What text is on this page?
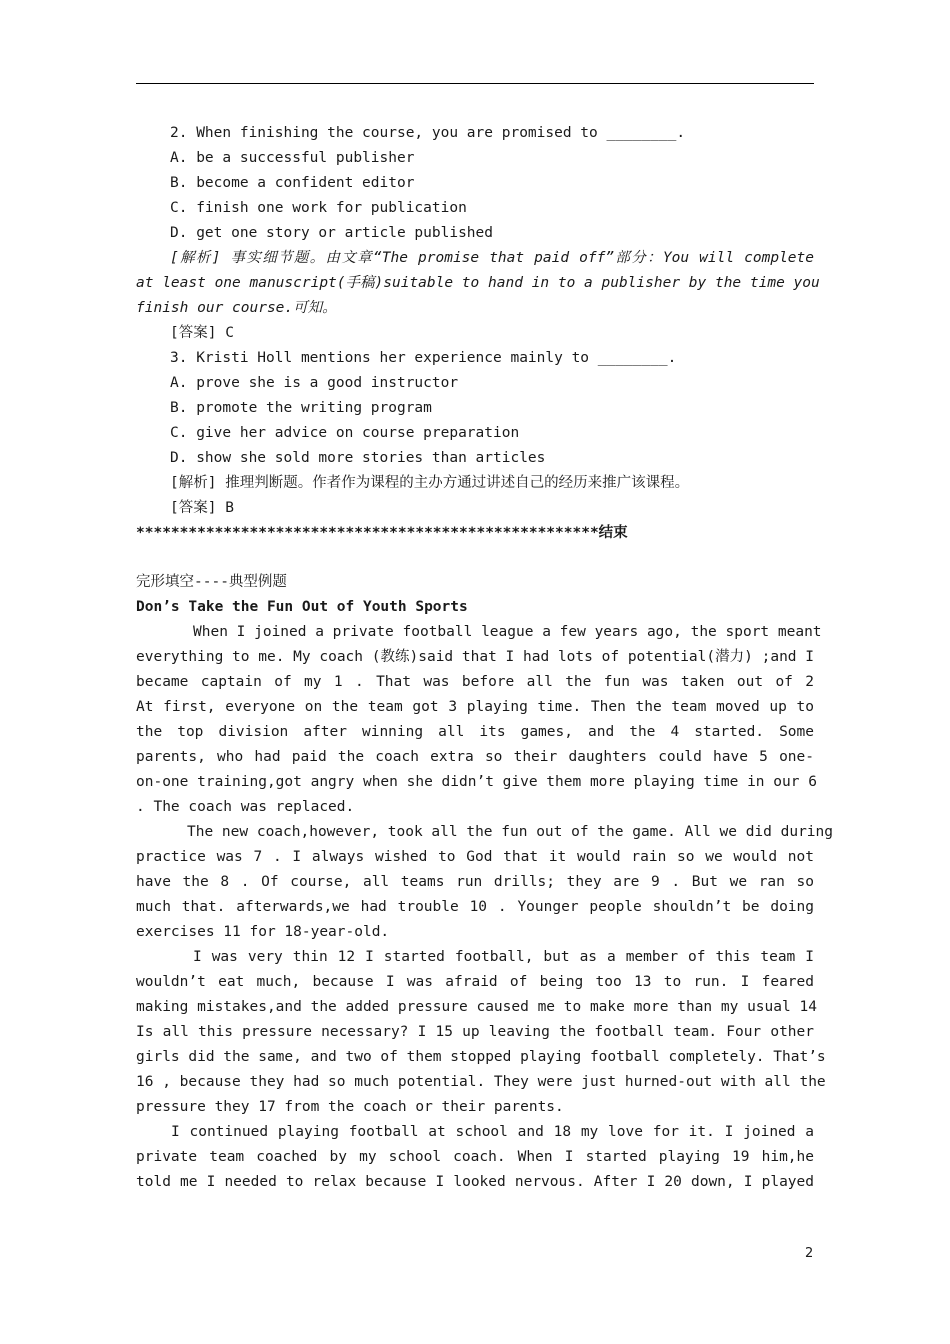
2. When finishing the course, you are promised to ________.
A. be a successful publisher
B. become a confident editor
C. finish one work for publication
D. get one story or article published
[解析] 事实细节题。由文章“The promise that paid off”部分：You will complete
at least one manuscript(手稿)suitable to hand in to a publisher by the time you
finish our course.可知。
[答案] C
3. Kristi Holl mentions her experience mainly to ________.
A. prove she is a good instructor
B. promote the writing program
C. give her advice on course preparation
D. show she sold more stories than articles
[解析] 推理判断题。作者作为课程的主办方通过讲述自己的经历来推广该课程。
[答案] B
*****************************************************结束
完形填空----典型例题
Don’s Take the Fun Out of Youth Sports
When I joined a private football league a few years ago, the sport meant
everything to me. My coach (教练)said that I had lots of potential(潜力) ;and I
became captain of my 1 . That was before all the fun was taken out of 2
At first, everyone on the team got 3 playing time. Then the team moved up to
the top division after winning all its games, and the 4 started. Some
parents, who had paid the coach extra so their daughters could have 5 one-
on-one training,got angry when she didn’t give them more playing time in our 6
. The coach was replaced.
The new coach,however, took all the fun out of the game. All we did during
practice was 7 . I always wished to God that it would rain so we would not
have the 8 . Of course, all teams run drills; they are 9 . But we ran so
much that. afterwards,we had trouble 10 . Younger people shouldn’t be doing
exercises 11 for 18-year-old.
I was very thin 12 I started football, but as a member of this team I
wouldn’t eat much, because I was afraid of being too 13 to run. I feared
making mistakes,and the added pressure caused me to make more than my usual 14
Is all this pressure necessary? I 15 up leaving the football team. Four other
girls did the same, and two of them stopped playing football completely. That’s
16 , because they had so much potential. They were just hurned-out with all the
pressure they 17 from the coach or their parents.
I continued playing football at school and 18 my love for it. I joined a
private team coached by my school coach. When I started playing 19 him,he
told me I needed to relax because I looked nervous. After I 20 down, I played
2
